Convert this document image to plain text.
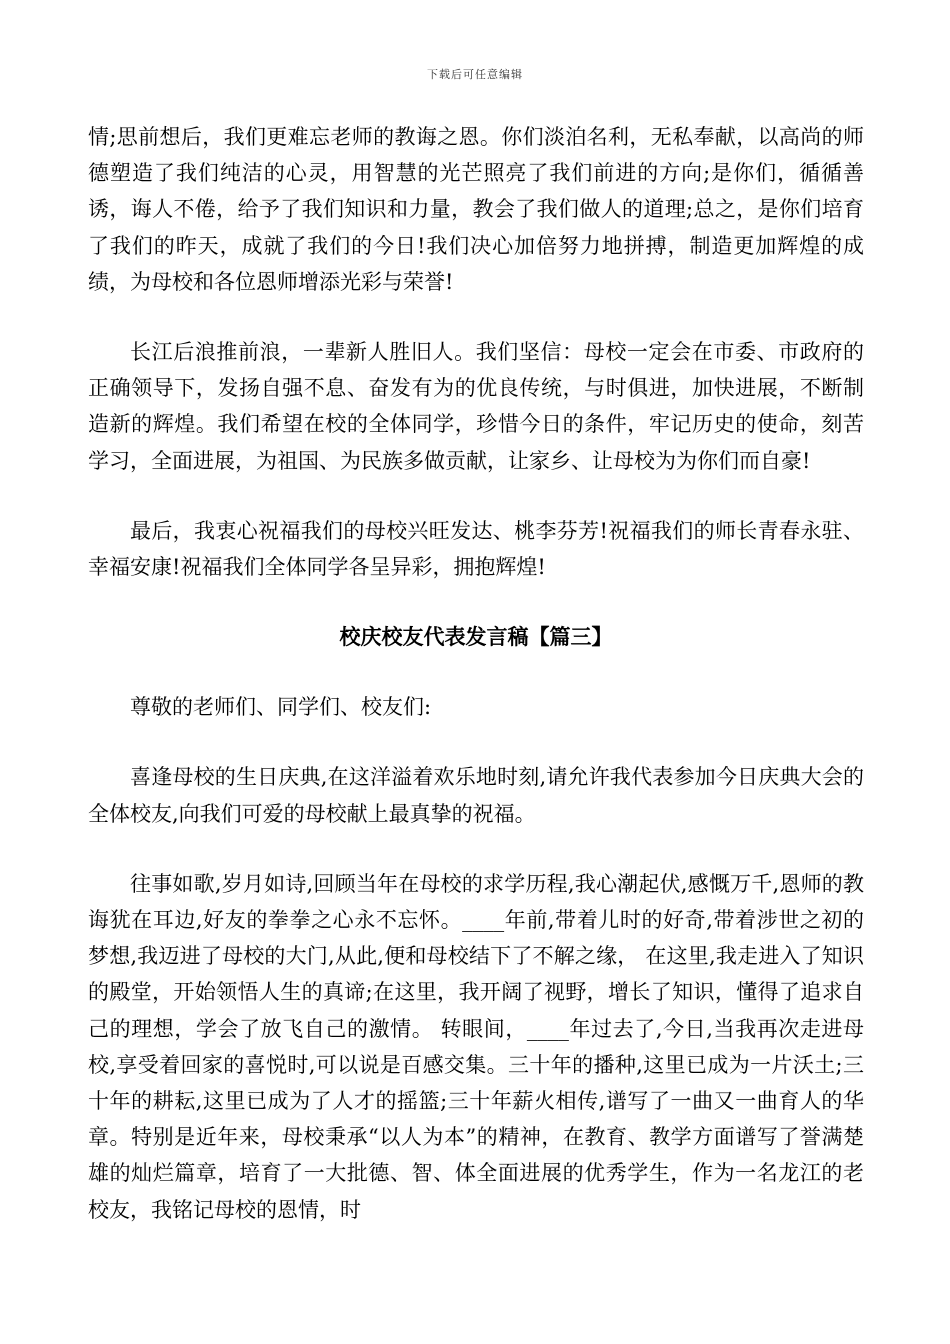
下载后可任意编辑

情;思前想后，我们更难忘老师的教诲之恩。你们淡泊名利，无私奉献，以高尚的师德塑造了我们纯洁的心灵，用智慧的光芒照亮了我们前进的方向;是你们，循循善诱，诲人不倦，给予了我们知识和力量，教会了我们做人的道理;总之，是你们培育了我们的昨天，成就了我们的今日!我们决心加倍努力地拼搏，制造更加辉煌的成绩，为母校和各位恩师增添光彩与荣誉!

长江后浪推前浪，一辈新人胜旧人。我们坚信：母校一定会在市委、市政府的正确领导下，发扬自强不息、奋发有为的优良传统，与时俱进，加快进展，不断制造新的辉煌。我们希望在校的全体同学，珍惜今日的条件，牢记历史的使命，刻苦学习，全面进展，为祖国、为民族多做贡献，让家乡、让母校为为你们而自豪!

最后，我衷心祝福我们的母校兴旺发达、桃李芬芳!祝福我们的师长青春永驻、幸福安康!祝福我们全体同学各呈异彩，拥抱辉煌!

校庆校友代表发言稿【篇三】

尊敬的老师们、同学们、校友们:

喜逢母校的生日庆典,在这洋溢着欢乐地时刻,请允许我代表参加今日庆典大会的全体校友,向我们可爱的母校献上最真挚的祝福。

往事如歌,岁月如诗,回顾当年在母校的求学历程,我心潮起伏,感慨万千,恩师的教诲犹在耳边,好友的拳拳之心永不忘怀。____年前,带着儿时的好奇,带着涉世之初的梦想,我迈进了母校的大门,从此,便和母校结下了不解之缘， 在这里,我走进入了知识的殿堂，开始领悟人生的真谛;在这里，我开阔了视野，增长了知识，懂得了追求自己的理想，学会了放飞自己的激情。 转眼间，____年过去了,今日,当我再次走进母校,享受着回家的喜悦时,可以说是百感交集。三十年的播种,这里已成为一片沃土;三十年的耕耘,这里已成为了人才的摇篮;三十年薪火相传,谱写了一曲又一曲育人的华章。特别是近年来，母校秉承“以人为本”的精神，在教育、教学方面谱写了誉满楚雄的灿烂篇章，培育了一大批德、智、体全面进展的优秀学生，作为一名龙江的老校友，我铭记母校的恩情，时
